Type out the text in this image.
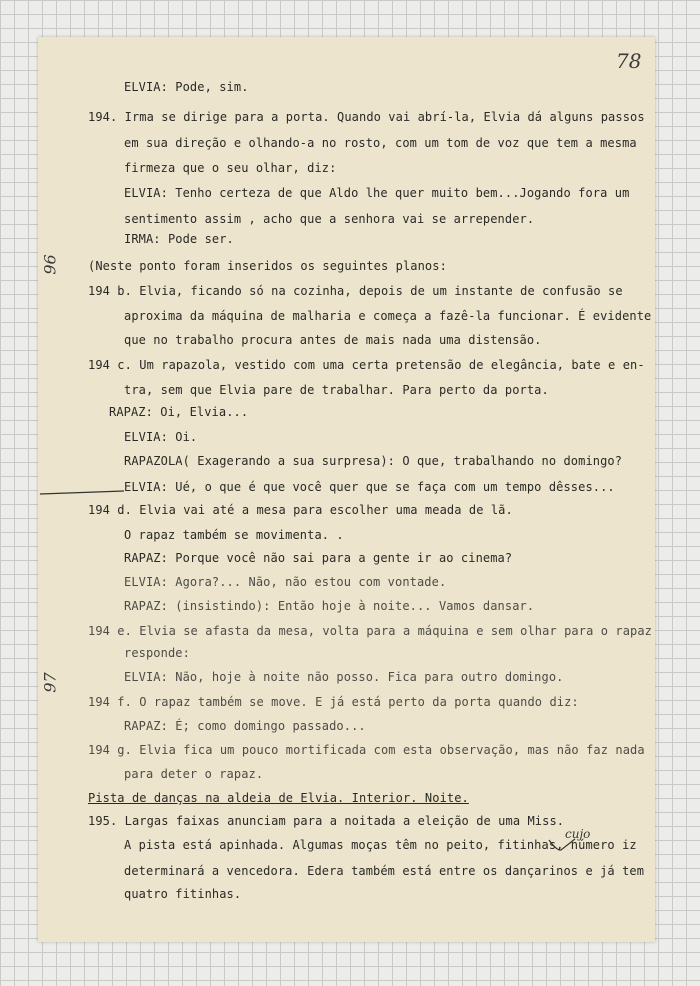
78
96
97
cujo
ELVIA: Pode, sim.
194. Irma se dirige para a porta. Quando vai abrí-la, Elvia dá alguns passos
em sua direção e olhando-a no rosto, com um tom de voz que tem a mesma
firmeza que o seu olhar, diz:
ELVIA: Tenho certeza de que Aldo lhe quer muito bem...Jogando fora um
sentimento assim , acho que a senhora vai se arrepender.
IRMA: Pode ser.
(Neste ponto foram inseridos os seguintes planos:
194 b. Elvia, ficando só na cozinha, depois de um instante de confusão se
aproxima da máquina de malharia e começa a fazê-la funcionar. É evidente
que no trabalho procura antes de mais nada uma distensão.
194 c. Um rapazola, vestido com uma certa pretensão de elegância, bate e en-
tra, sem que Elvia pare de trabalhar. Para perto da porta.
RAPAZ: Oi, Elvia...
ELVIA: Oi.
RAPAZOLA( Exagerando a sua surpresa): O que, trabalhando no domingo?
ELVIA: Ué, o que é que você quer que se faça com um tempo dêsses...
194 d. Elvia vai até a mesa para escolher uma meada de lã.
O rapaz também se movimenta. .
RAPAZ: Porque você não sai para a gente ir ao cinema?
ELVIA: Agora?... Não, não estou com vontade.
RAPAZ: (insistindo): Então hoje à noite... Vamos dansar.
194 e. Elvia se afasta da mesa, volta para a máquina e sem olhar para o rapaz
responde:
ELVIA: Não, hoje à noite não posso. Fica para outro domingo.
194 f. O rapaz também se move. E já está perto da porta quando diz:
RAPAZ: É; como domingo passado...
194 g. Elvia fica um pouco mortificada com esta observação, mas não faz nada
para deter o rapaz.
Pista de danças na aldeia de Elvia. Interior. Noite.
195. Largas faixas anunciam para a noitada a eleição de uma Miss.
A pista está apinhada. Algumas moças têm no peito, fitinhas, número iz
determinará a vencedora. Edera também está entre os dançarinos e já tem
quatro fitinhas.
